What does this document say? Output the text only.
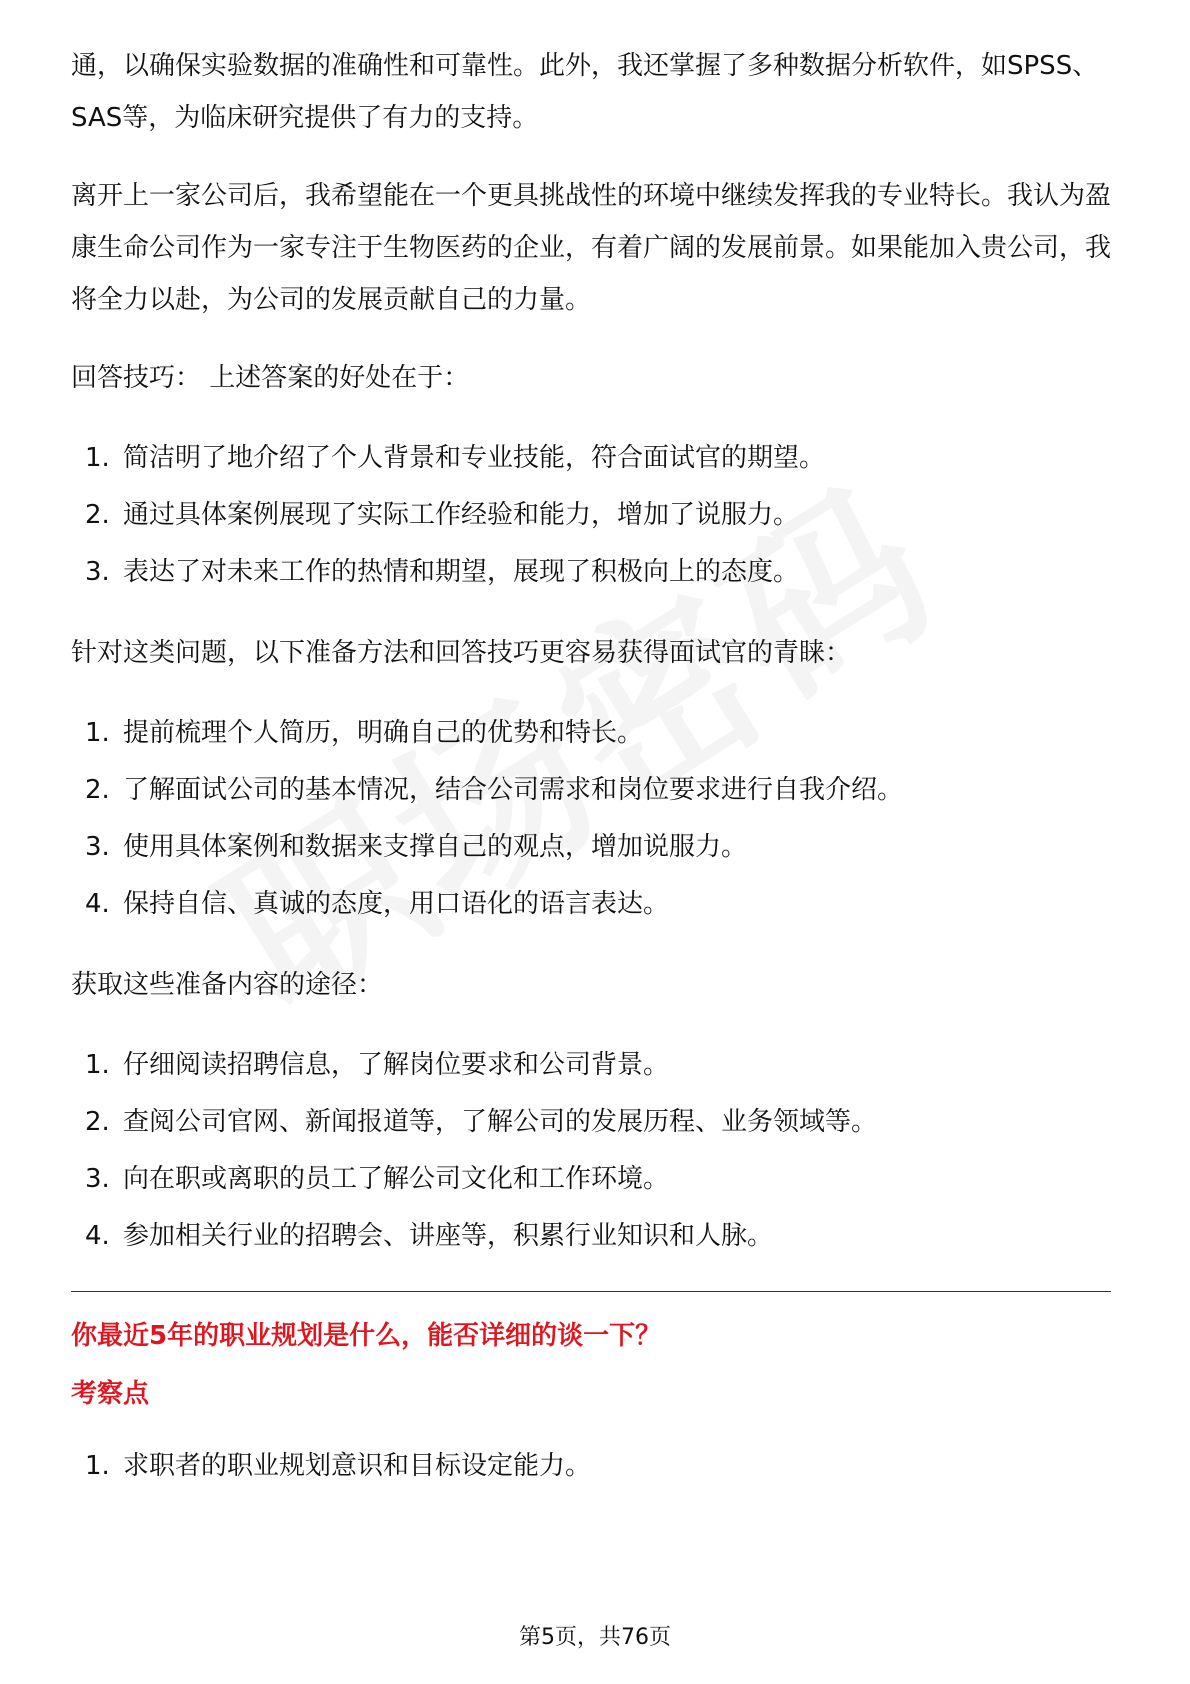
通，以确保实验数据的准确性和可靠性。此外，我还掌握了多种数据分析软件，如SPSS、SAS等，为临床研究提供了有力的支持。

离开上一家公司后，我希望能在一个更具挑战性的环境中继续发挥我的专业特长。我认为盈康生命公司作为一家专注于生物医药的企业，有着广阔的发展前景。如果能加入贵公司，我将全力以赴，为公司的发展贡献自己的力量。

回答技巧： 上述答案的好处在于：

1. 简洁明了地介绍了个人背景和专业技能，符合面试官的期望。
2. 通过具体案例展现了实际工作经验和能力，增加了说服力。
3. 表达了对未来工作的热情和期望，展现了积极向上的态度。

针对这类问题，以下准备方法和回答技巧更容易获得面试官的青睐：

1. 提前梳理个人简历，明确自己的优势和特长。
2. 了解面试公司的基本情况，结合公司需求和岗位要求进行自我介绍。
3. 使用具体案例和数据来支撑自己的观点，增加说服力。
4. 保持自信、真诚的态度，用口语化的语言表达。

获取这些准备内容的途径：

1. 仔细阅读招聘信息，了解岗位要求和公司背景。
2. 查阅公司官网、新闻报道等，了解公司的发展历程、业务领域等。
3. 向在职或离职的员工了解公司文化和工作环境。
4. 参加相关行业的招聘会、讲座等，积累行业知识和人脉。

你最近5年的职业规划是什么，能否详细的谈一下？

考察点

1. 求职者的职业规划意识和目标设定能力。
第5页，共76页
